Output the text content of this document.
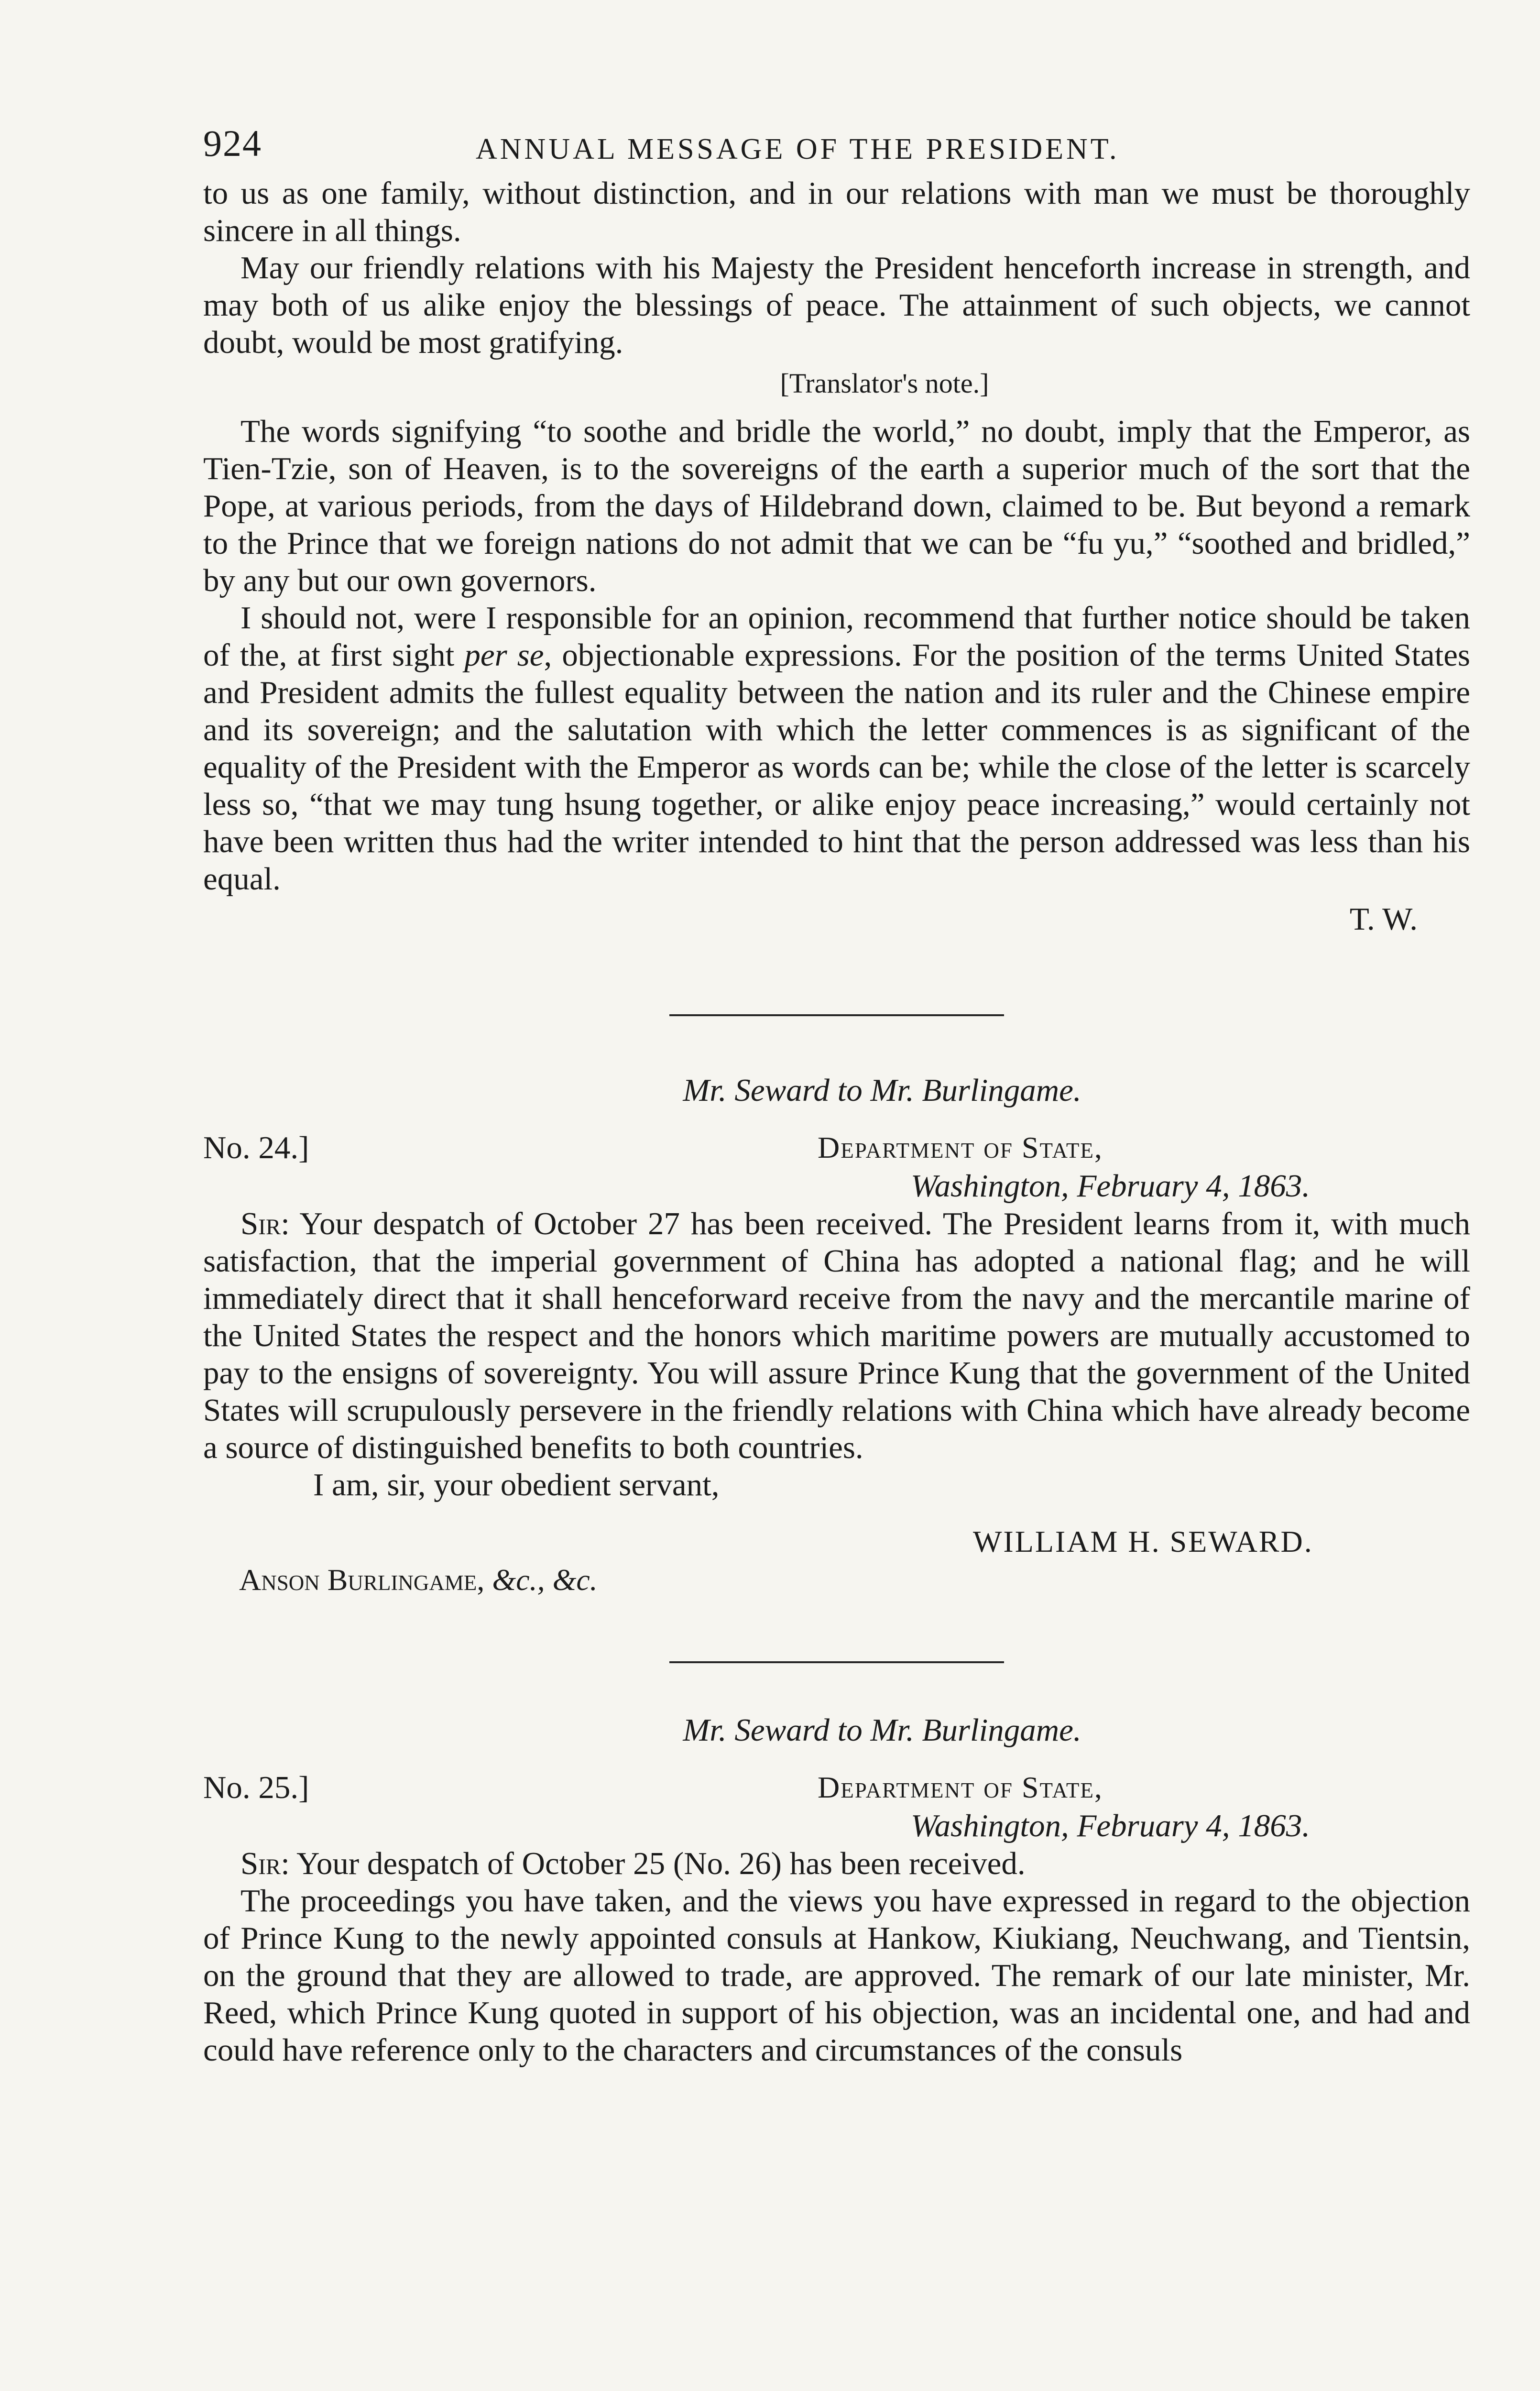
924	ANNUAL MESSAGE OF THE PRESIDENT.

to us as one family, without distinction, and in our relations with man we must be thoroughly sincere in all things.

May our friendly relations with his Majesty the President henceforth increase in strength, and may both of us alike enjoy the blessings of peace. The attainment of such objects, we cannot doubt, would be most gratifying.

[Translator's note.]

The words signifying “to soothe and bridle the world,” no doubt, imply that the Emperor, as Tien-Tzie, son of Heaven, is to the sovereigns of the earth a superior much of the sort that the Pope, at various periods, from the days of Hildebrand down, claimed to be. But beyond a remark to the Prince that we foreign nations do not admit that we can be “fu yu,” “soothed and bridled,” by any but our own governors.

I should not, were I responsible for an opinion, recommend that further notice should be taken of the, at first sight per se, objectionable expressions. For the position of the terms United States and President admits the fullest equality between the nation and its ruler and the Chinese empire and its sovereign; and the salutation with which the letter commences is as significant of the equality of the President with the Emperor as words can be; while the close of the letter is scarcely less so, “that we may tung hsung together, or alike enjoy peace increasing,” would certainly not have been written thus had the writer intended to hint that the person addressed was less than his equal.

T. W.
Mr. Seward to Mr. Burlingame.
No. 24.]	Department of State,
Washington, February 4, 1863.

Sir: Your despatch of October 27 has been received. The President learns from it, with much satisfaction, that the imperial government of China has adopted a national flag; and he will immediately direct that it shall henceforward receive from the navy and the mercantile marine of the United States the respect and the honors which maritime powers are mutually accustomed to pay to the ensigns of sovereignty. You will assure Prince Kung that the government of the United States will scrupulously persevere in the friendly relations with China which have already become a source of distinguished benefits to both countries.

I am, sir, your obedient servant,
WILLIAM H. SEWARD.
Anson Burlingame, &c., &c.
Mr. Seward to Mr. Burlingame.
No. 25.]	Department of State,
Washington, February 4, 1863.

Sir: Your despatch of October 25 (No. 26) has been received.

The proceedings you have taken, and the views you have expressed in regard to the objection of Prince Kung to the newly appointed consuls at Hankow, Kiukiang, Neuchwang, and Tientsin, on the ground that they are allowed to trade, are approved. The remark of our late minister, Mr. Reed, which Prince Kung quoted in support of his objection, was an incidental one, and had and could have reference only to the characters and circumstances of the consuls
